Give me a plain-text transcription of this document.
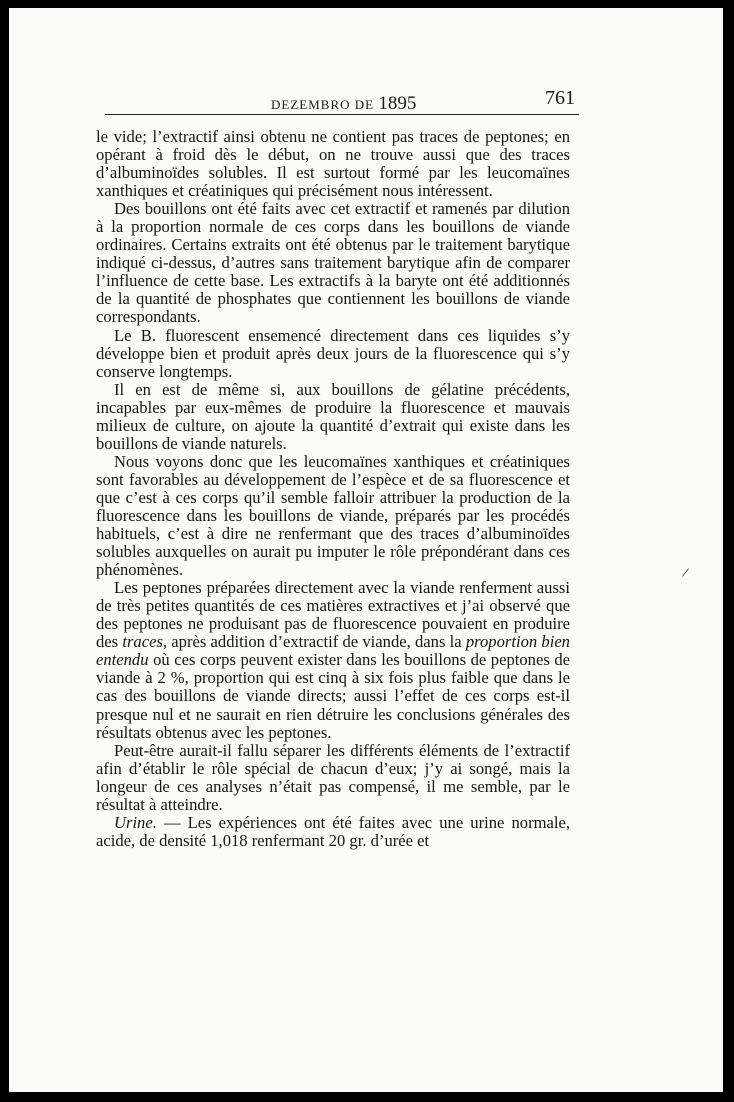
DEZEMBRO DE 1895	761

le vide; l’extractif ainsi obtenu ne contient pas traces de peptones; en opérant à froid dès le début, on ne trouve aussi que des traces d’albuminoïdes solubles. Il est surtout formé par les leucomaïnes xanthiques et créatiniques qui précisément nous intéressent.

Des bouillons ont été faits avec cet extractif et ramenés par dilution à la proportion normale de ces corps dans les bouillons de viande ordinaires. Certains extraits ont été obtenus par le traitement barytique indiqué ci-dessus, d’autres sans traitement barytique afin de comparer l’influence de cette base. Les extractifs à la baryte ont été additionnés de la quantité de phosphates que contiennent les bouillons de viande correspondants.

Le B. fluorescent ensemencé directement dans ces liquides s’y développe bien et produit après deux jours de la fluorescence qui s’y conserve longtemps.

Il en est de même si, aux bouillons de gélatine précédents, incapables par eux-mêmes de produire la fluorescence et mauvais milieux de culture, on ajoute la quantité d’extrait qui existe dans les bouillons de viande naturels.

Nous voyons donc que les leucomaïnes xanthiques et créatiniques sont favorables au développement de l’espèce et de sa fluorescence et que c’est à ces corps qu’il semble falloir attribuer la production de la fluorescence dans les bouillons de viande, préparés par les procédés habituels, c’est à dire ne renfermant que des traces d’albuminoïdes solubles auxquelles on aurait pu imputer le rôle prépondérant dans ces phénomènes.

Les peptones préparées directement avec la viande renferment aussi de très petites quantités de ces matières extractives et j’ai observé que des peptones ne produisant pas de fluorescence pouvaient en produire des traces, après addition d’extractif de viande, dans la proportion bien entendu où ces corps peuvent exister dans les bouillons de peptones de viande à 2 %, proportion qui est cinq à six fois plus faible que dans le cas des bouillons de viande directs; aussi l’effet de ces corps est-il presque nul et ne saurait en rien détruire les conclusions générales des résultats obtenus avec les peptones.

Peut-être aurait-il fallu séparer les différents éléments de l’extractif afin d’établir le rôle spécial de chacun d’eux; j’y ai songé, mais la longeur de ces analyses n’était pas compensé, il me semble, par le résultat à atteindre.

Urine. — Les expériences ont été faites avec une urine normale, acide, de densité 1,018 renfermant 20 gr. d’urée et

/
